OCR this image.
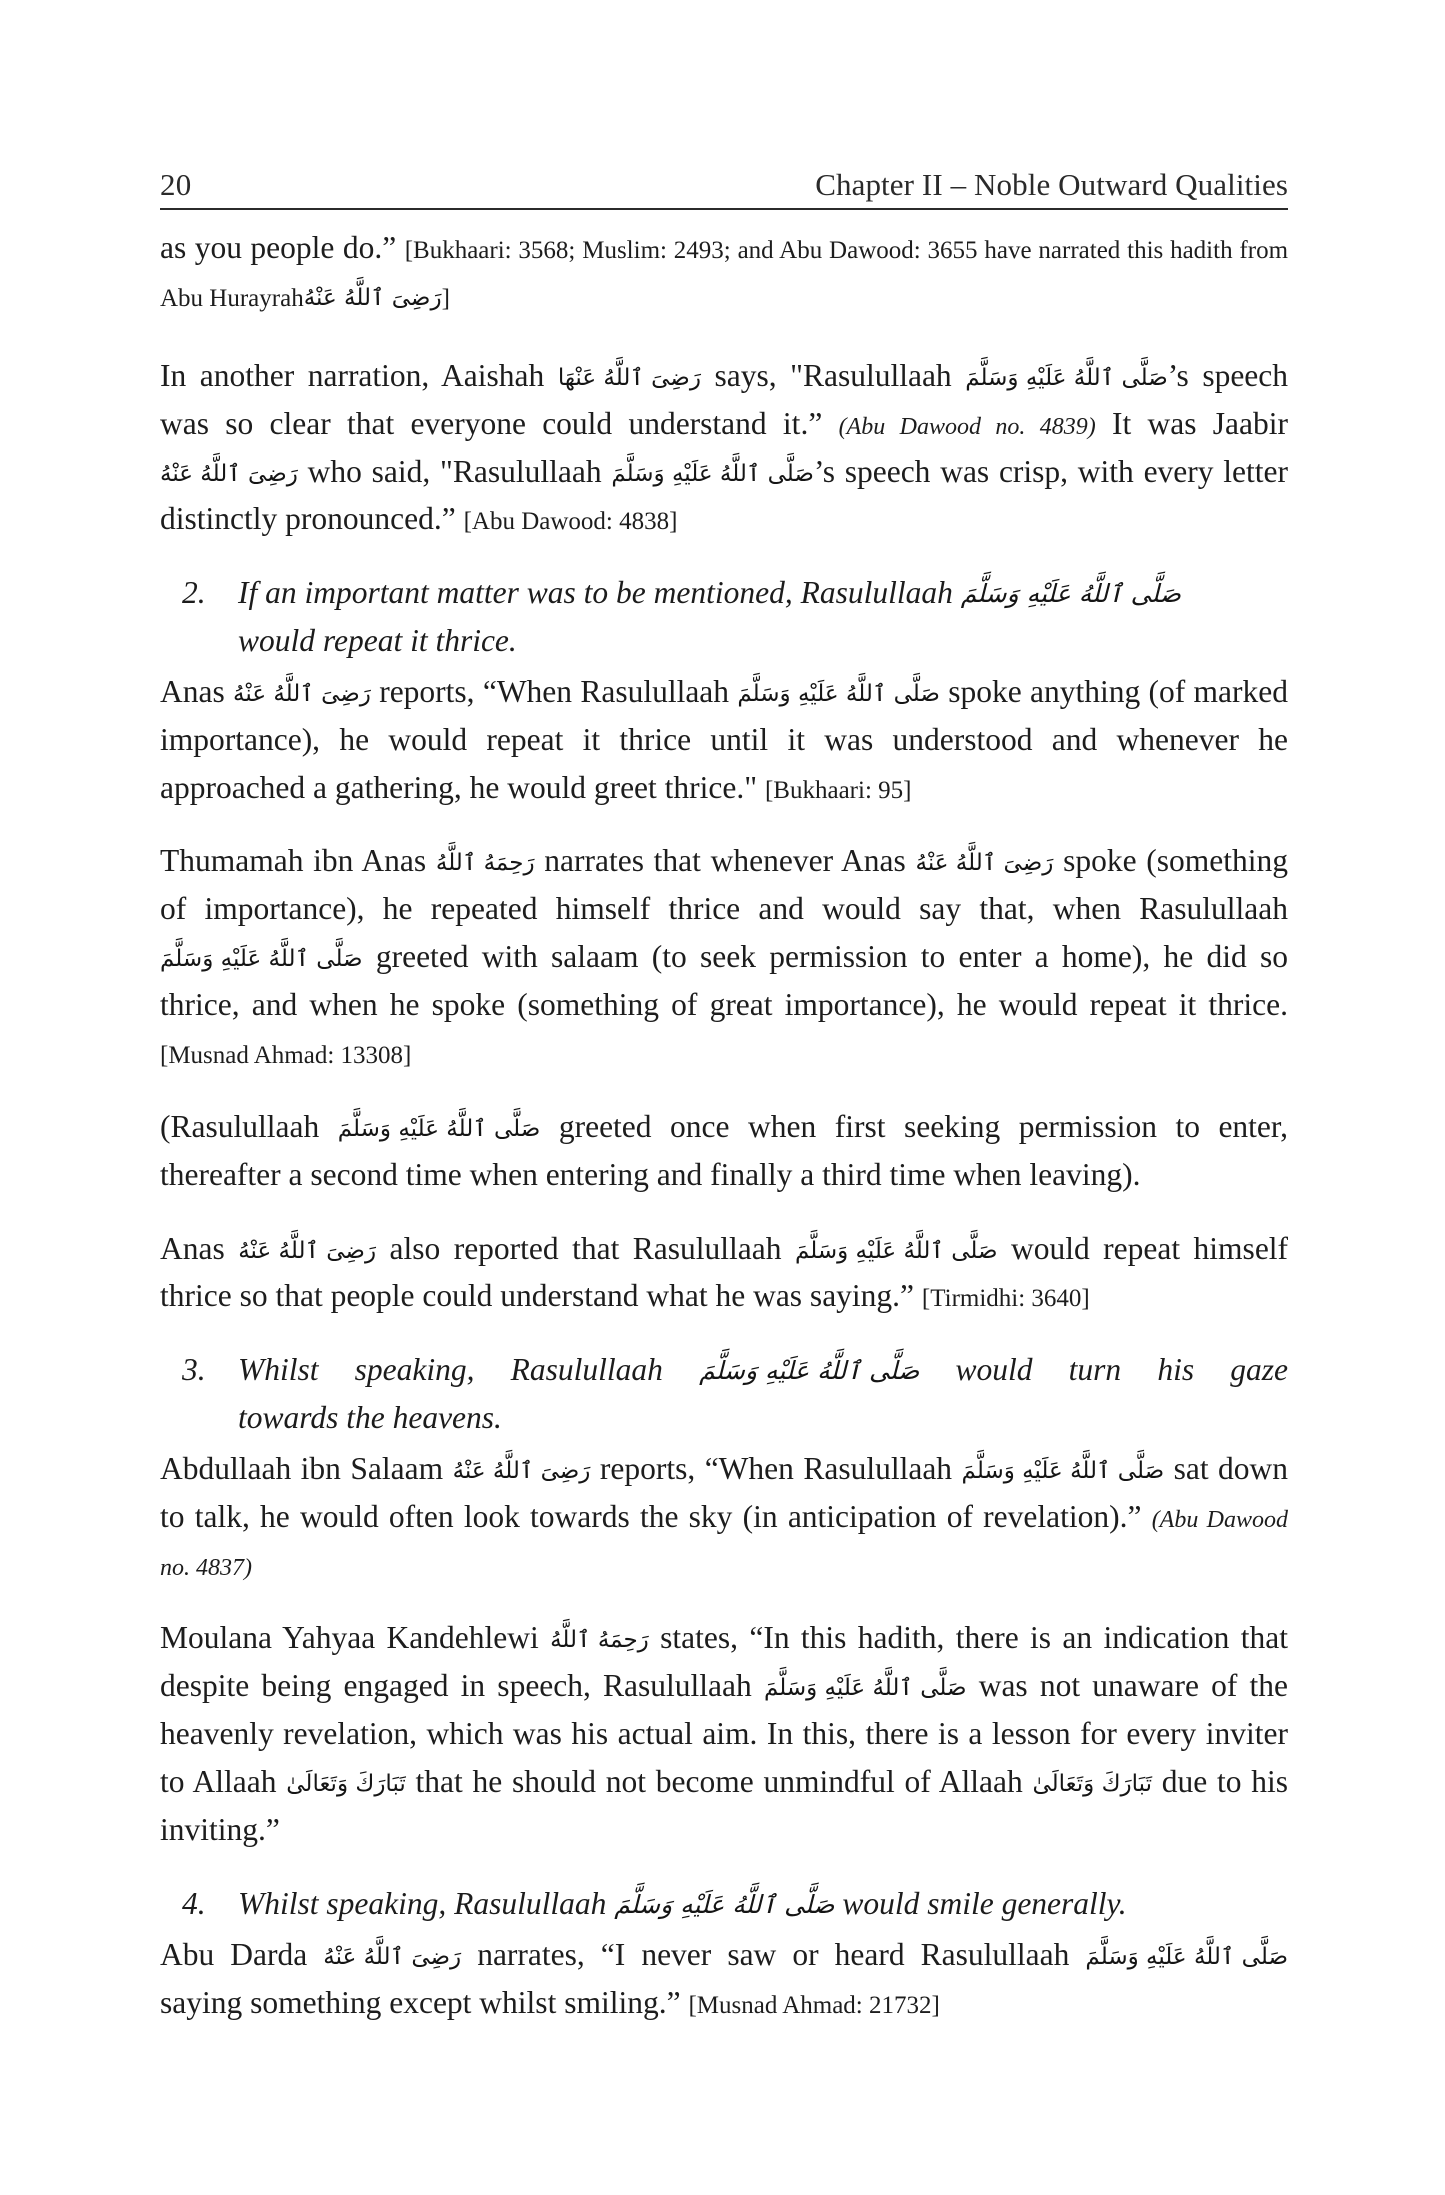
20	Chapter II – Noble Outward Qualities

as you people do.” [Bukhaari: 3568; Muslim: 2493; and Abu Dawood: 3655 have narrated this hadith from Abu Hurayrahرَضِىَ ٱللَّهُ عَنْهُ]

In another narration, Aaishah رَضِىَ ٱللَّهُ عَنْهَا says, "Rasulullaah صَلَّى ٱللَّهُ عَلَيْهِ وَسَلَّمَ’s speech was so clear that everyone could understand it.” (Abu Dawood no. 4839) It was Jaabir رَضِىَ ٱللَّهُ عَنْهُ who said, "Rasulullaah صَلَّى ٱللَّهُ عَلَيْهِ وَسَلَّمَ’s speech was crisp, with every letter distinctly pronounced.” [Abu Dawood: 4838]

2.	If an important matter was to be mentioned, Rasulullaah صَلَّى ٱللَّهُ عَلَيْهِ وَسَلَّمَ
would repeat it thrice.

Anas رَضِىَ ٱللَّهُ عَنْهُ reports, “When Rasulullaah صَلَّى ٱللَّهُ عَلَيْهِ وَسَلَّمَ spoke anything (of marked importance), he would repeat it thrice until it was understood and whenever he approached a gathering, he would greet thrice." [Bukhaari: 95]

Thumamah ibn Anas رَحِمَهُ ٱللَّهُ narrates that whenever Anas رَضِىَ ٱللَّهُ عَنْهُ spoke (something of importance), he repeated himself thrice and would say that, when Rasulullaah صَلَّى ٱللَّهُ عَلَيْهِ وَسَلَّمَ greeted with salaam (to seek permission to enter a home), he did so thrice, and when he spoke (something of great importance), he would repeat it thrice. [Musnad Ahmad: 13308]

(Rasulullaah صَلَّى ٱللَّهُ عَلَيْهِ وَسَلَّمَ greeted once when first seeking permission to enter, thereafter a second time when entering and finally a third time when leaving).

Anas رَضِىَ ٱللَّهُ عَنْهُ also reported that Rasulullaah صَلَّى ٱللَّهُ عَلَيْهِ وَسَلَّمَ would repeat himself thrice so that people could understand what he was saying.” [Tirmidhi: 3640]

3.	Whilst speaking, Rasulullaah صَلَّى ٱللَّهُ عَلَيْهِ وَسَلَّمَ would turn his gaze
towards the heavens.

Abdullaah ibn Salaam رَضِىَ ٱللَّهُ عَنْهُ reports, “When Rasulullaah صَلَّى ٱللَّهُ عَلَيْهِ وَسَلَّمَ sat down to talk, he would often look towards the sky (in anticipation of revelation).” (Abu Dawood no. 4837)

Moulana Yahyaa Kandehlewi رَحِمَهُ ٱللَّهُ states, “In this hadith, there is an indication that despite being engaged in speech, Rasulullaah صَلَّى ٱللَّهُ عَلَيْهِ وَسَلَّمَ was not unaware of the heavenly revelation, which was his actual aim. In this, there is a lesson for every inviter to Allaah تَبَارَكَ وَتَعَالَىٰ that he should not become unmindful of Allaah تَبَارَكَ وَتَعَالَىٰ due to his inviting.”

4.	Whilst speaking, Rasulullaah صَلَّى ٱللَّهُ عَلَيْهِ وَسَلَّمَ would smile generally.

Abu Darda رَضِىَ ٱللَّهُ عَنْهُ narrates, “I never saw or heard Rasulullaah صَلَّى ٱللَّهُ عَلَيْهِ وَسَلَّمَ saying something except whilst smiling.” [Musnad Ahmad: 21732]
